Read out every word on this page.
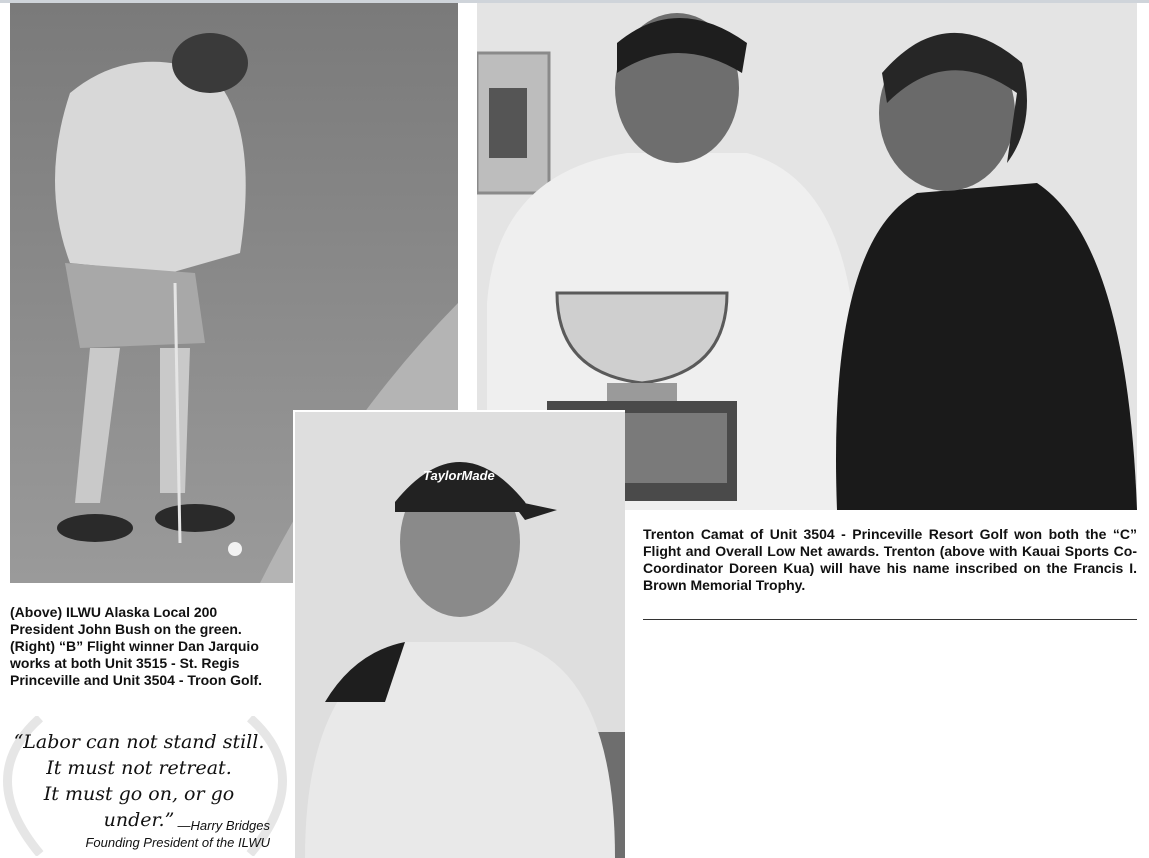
TaylorMade
(Above) ILWU Alaska Local 200 President John Bush on the green. (Right) “B” Flight winner Dan Jarquio works at both Unit 3515 - St. Regis Princeville and Unit 3504 - Troon Golf.
Trenton Camat of Unit 3504 - Princeville Resort Golf won both the “C” Flight and Overall Low Net awards. Trenton (above with Kauai Sports Co-Coordinator Doreen Kua) will have his name inscribed on the Francis I. Brown Memorial Trophy.
“Labor can not stand still.
It must not retreat.
It must go on, or go under.” —Harry Bridges
Founding President of the ILWU
